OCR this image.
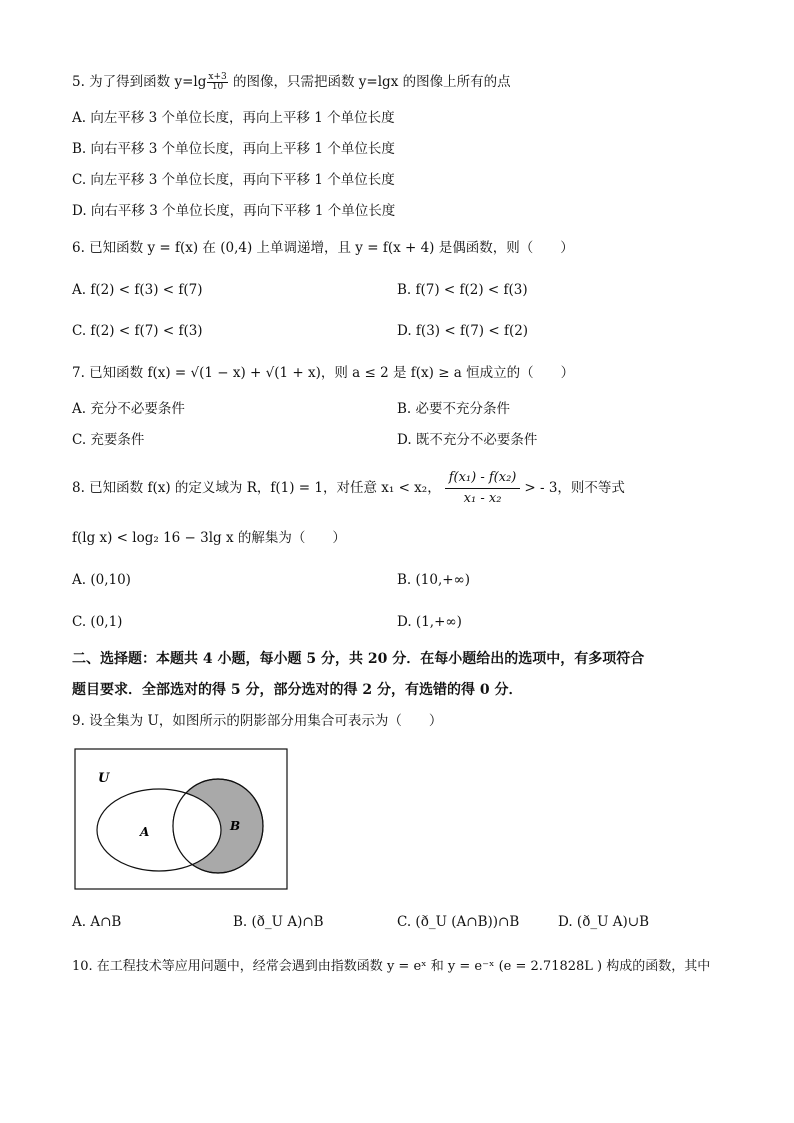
5. 为了得到函数 $y=\lg \frac{x+3}{10}$ 的图像，只需把函数 y=lgx 的图像上所有的点
A. 向左平移 3 个单位长度，再向上平移 1 个单位长度
B. 向右平移 3 个单位长度，再向上平移 1 个单位长度
C. 向左平移 3 个单位长度，再向下平移 1 个单位长度
D. 向右平移 3 个单位长度，再向下平移 1 个单位长度
6. 已知函数 y = f(x) 在 (0,4) 上单调递增，且 y = f(x + 4) 是偶函数，则（　　）
A. f(2) < f(3) < f(7)	B. f(7) < f(2) < f(3)
C. f(2) < f(7) < f(3)	D. f(3) < f(7) < f(2)
7. 已知函数 f(x) = √(1 − x) + √(1 + x)，则 a ≤ 2 是 f(x) ≥ a 恒成立的（　　）
A. 充分不必要条件	B. 必要不充分条件
C. 充要条件	D. 既不充分不必要条件
8. 已知函数 f(x) 的定义域为 R，f(1) = 1，对任意 x₁ < x₂， $\frac{\text{f(x₁) - f(x₂)}}{\text{x₁ - x₂}}$ > - 3，则不等式
f(lg x) < log₂ 16 − 3lg x 的解集为（　　）
A. (0,10)	B. (10,+∞)
C. (0,1)	D. (1,+∞)
二、选择题：本题共 4 小题，每小题 5 分，共 20 分．在每小题给出的选项中，有多项符合
题目要求．全部选对的得 5 分，部分选对的得 2 分，有选错的得 0 分．
9. 设全集为 U，如图所示的阴影部分用集合可表示为（　　）
U
A	B
A. A∩B	B. (ð_U A)∩B	C. (ð_U (A∩B))∩B	D. (ð_U A)∪B
10. 在工程技术等应用问题中，经常会遇到由指数函数 y = eˣ 和 y = e⁻ˣ (e = 2.71828L ) 构成的函数，其中
